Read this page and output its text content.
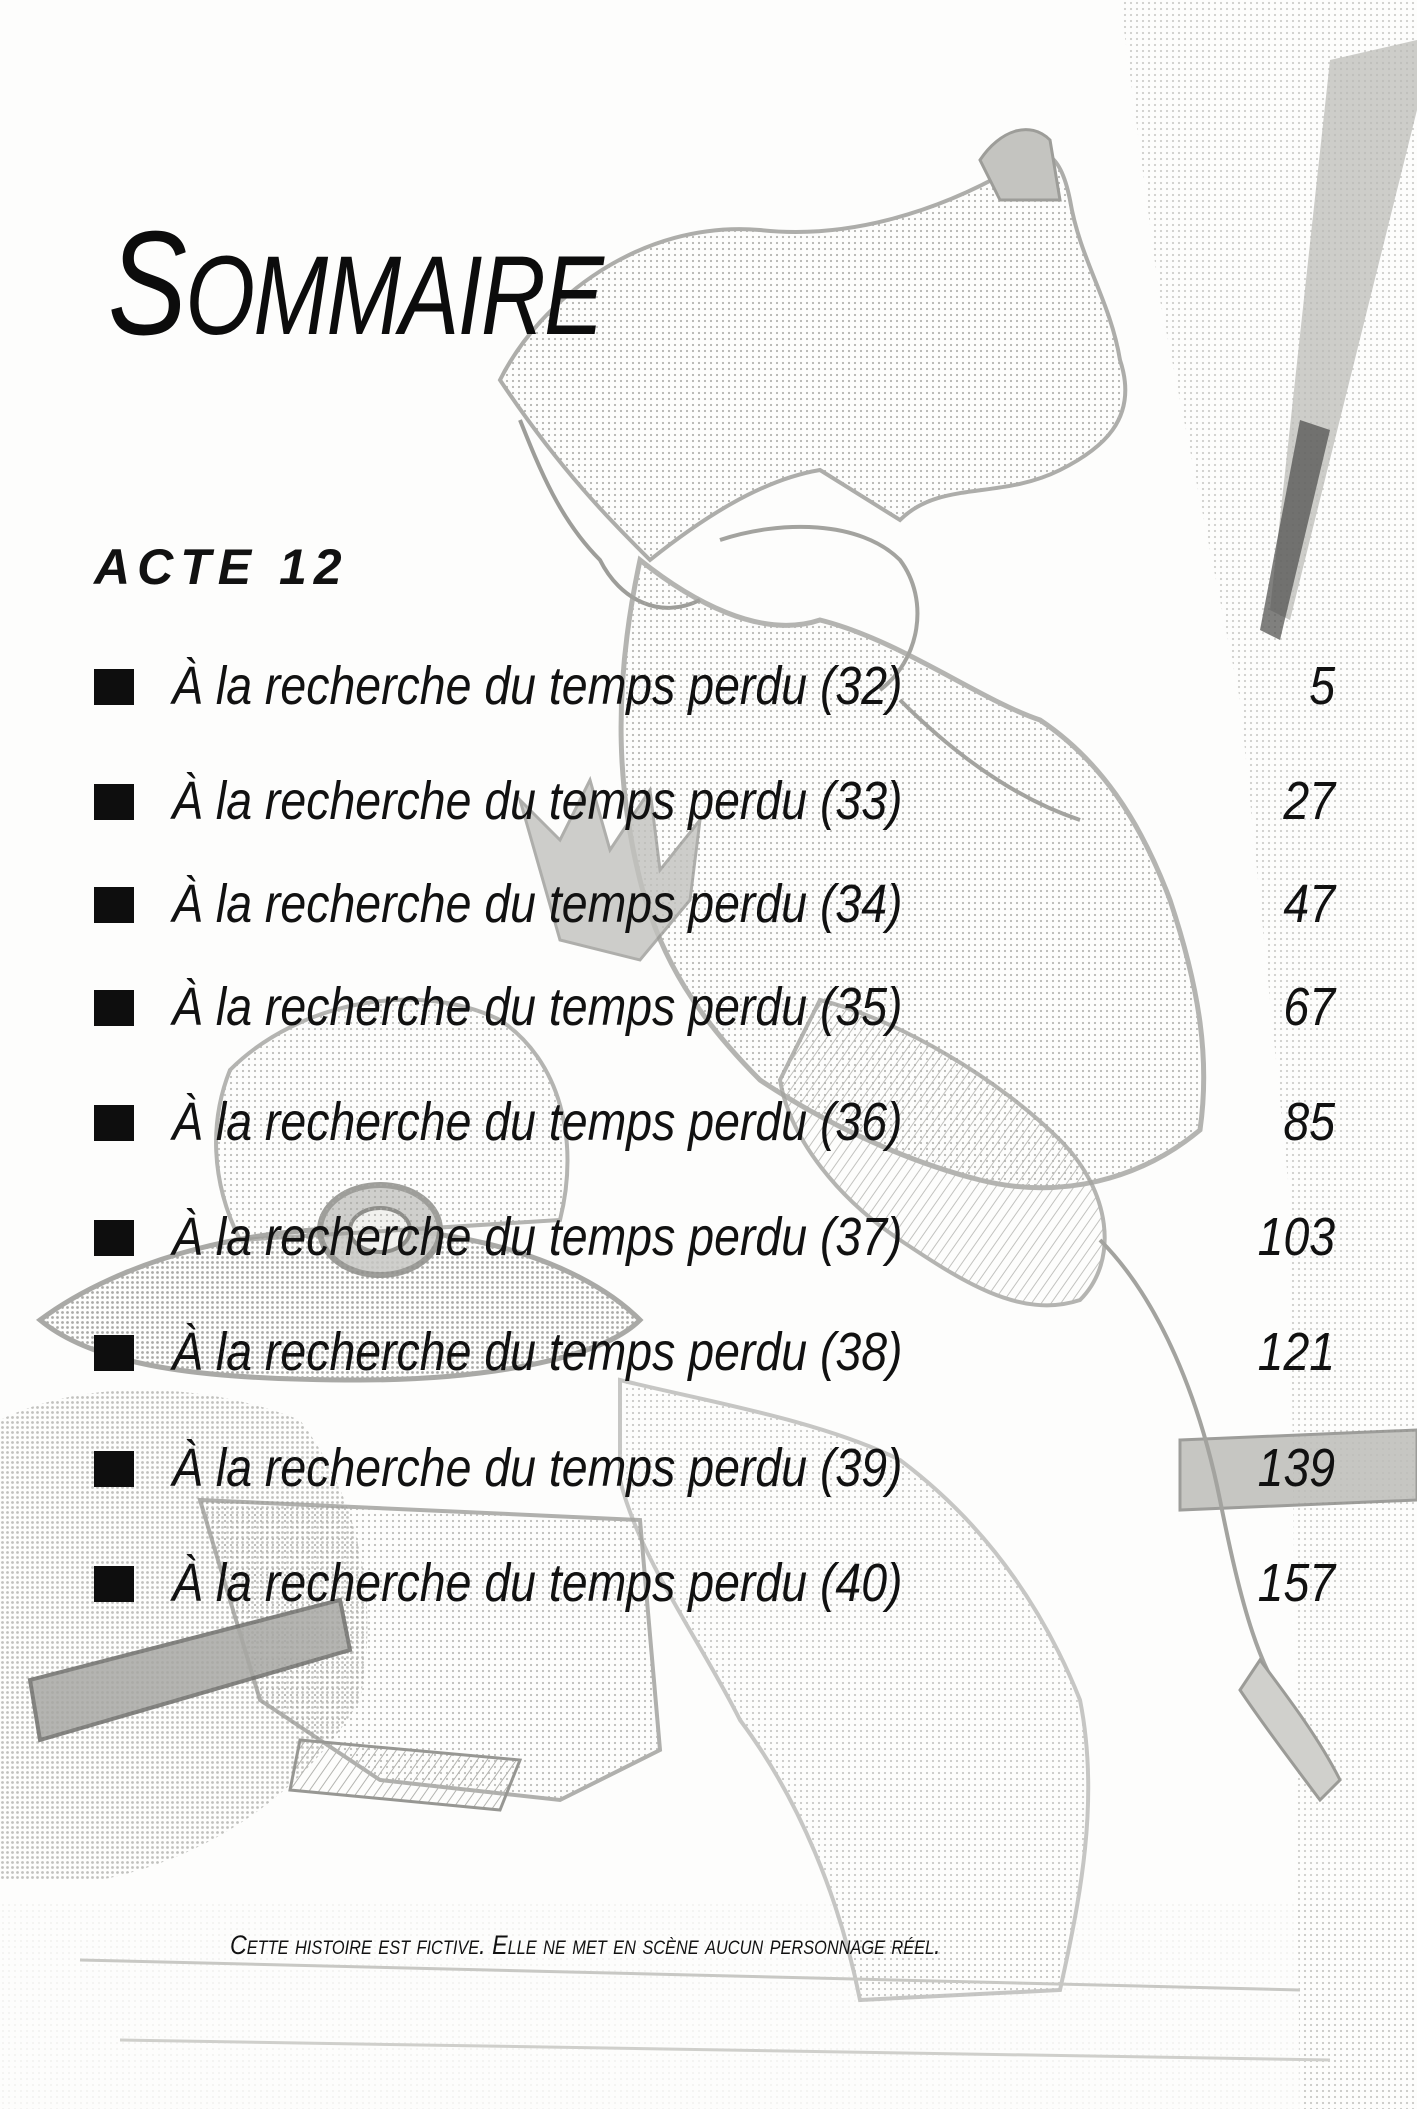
SOMMAIRE
ACTE 12
À la recherche du temps perdu (32)	5
À la recherche du temps perdu (33)	27
À la recherche du temps perdu (34)	47
À la recherche du temps perdu (35)	67
À la recherche du temps perdu (36)	85
À la recherche du temps perdu (37)	103
À la recherche du temps perdu (38)	121
À la recherche du temps perdu (39)	139
À la recherche du temps perdu (40)	157
Cette histoire est fictive. Elle ne met en scène aucun personnage réel.
